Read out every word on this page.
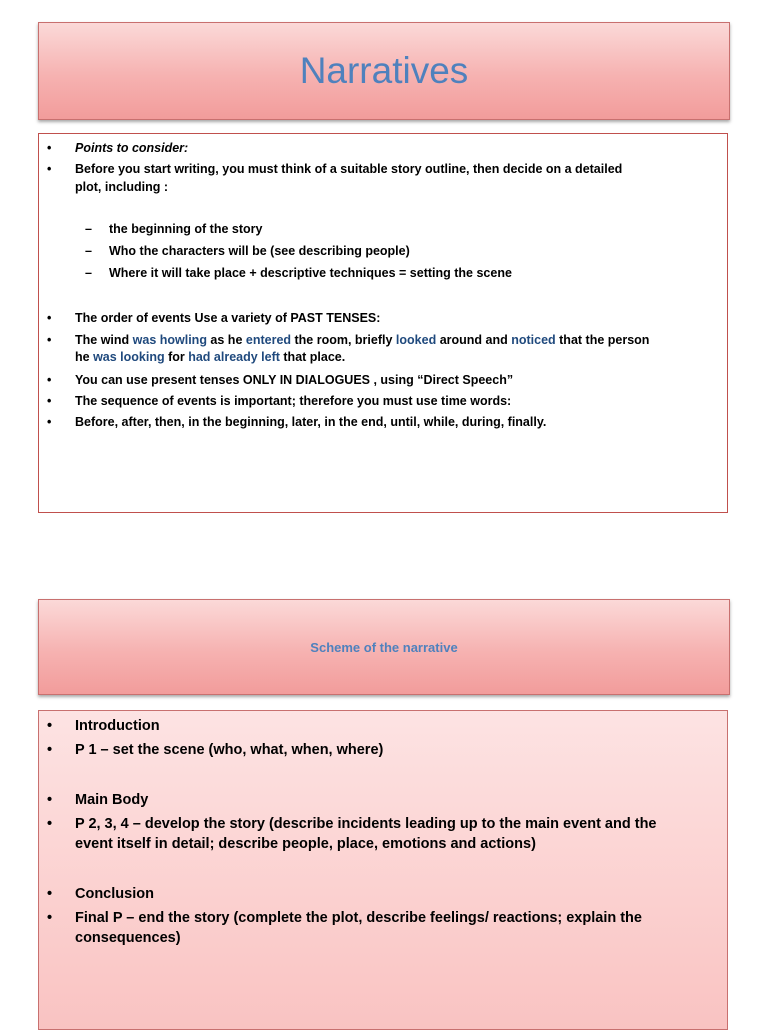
Narratives
• Points to consider:
• Before you start writing, you must think of a suitable story outline, then decide on a detailed
plot, including :
– the beginning of the story
– Who the characters will be (see describing people)
– Where it will take place + descriptive techniques = setting the scene
• The order of events Use a variety of PAST TENSES:
• The wind was howling as he entered the room, briefly looked around and noticed that the person
he was looking for had already left that place.
• You can use present tenses ONLY IN DIALOGUES , using “Direct Speech”
• The sequence of events is important; therefore you must use time words:
• Before, after, then, in the beginning, later, in the end, until, while, during, finally.
Scheme of the narrative
• Introduction
• P 1 – set the scene (who, what, when, where)
• Main Body
• P 2, 3, 4 – develop the story (describe incidents leading up to the main event and the
event itself in detail; describe people, place, emotions and actions)
• Conclusion
• Final P – end the story (complete the plot, describe feelings/ reactions; explain the
consequences)
